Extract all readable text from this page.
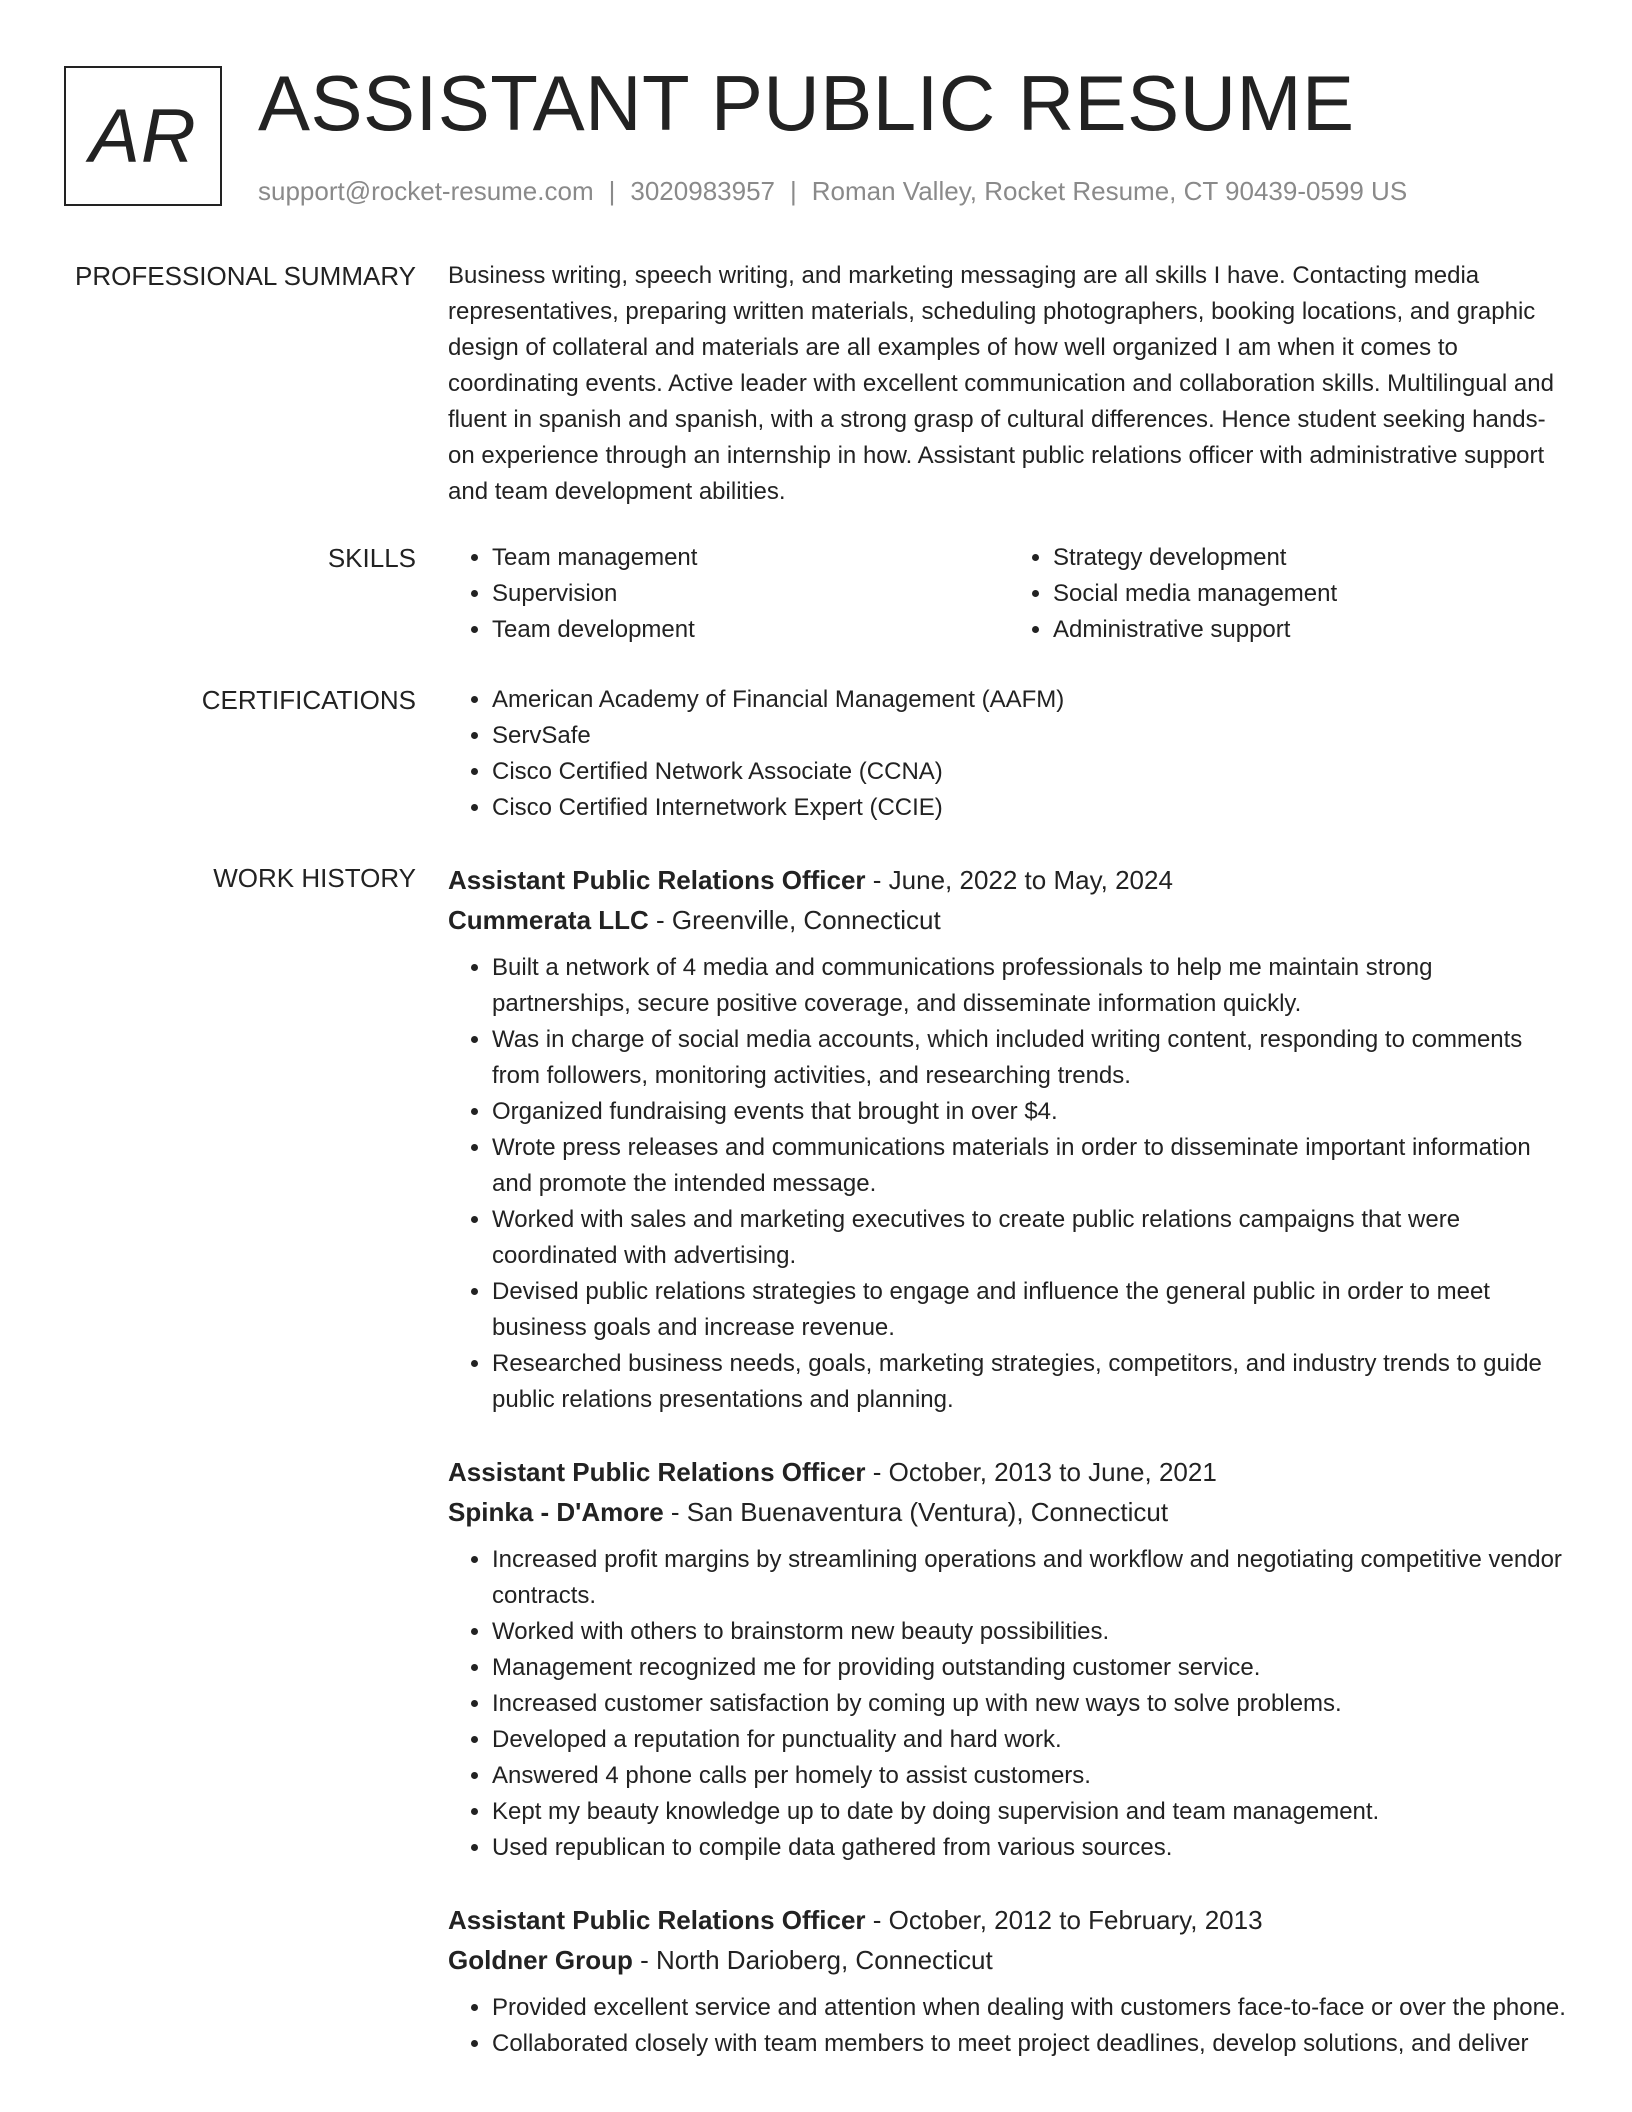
AR ASSISTANT PUBLIC RESUME
support@rocket-resume.com | 3020983957 | Roman Valley, Rocket Resume, CT 90439-0599 US
PROFESSIONAL SUMMARY Business writing, speech writing, and marketing messaging are all skills I have. Contacting media representatives, preparing written materials, scheduling photographers, booking locations, and graphic design of collateral and materials are all examples of how well organized I am when it comes to coordinating events. Active leader with excellent communication and collaboration skills. Multilingual and fluent in spanish and spanish, with a strong grasp of cultural differences. Hence student seeking hands-on experience through an internship in how. Assistant public relations officer with administrative support and team development abilities.

SKILLS	• Team management
• Supervision
• Team development
• Strategy development
• Social media management
• Administrative support
CERTIFICATIONS	• American Academy of Financial Management (AAFM)
• ServSafe
• Cisco Certified Network Associate (CCNA)
• Cisco Certified Internetwork Expert (CCIE)
WORK HISTORY Assistant Public Relations Officer - June, 2022 to May, 2024
Cummerata LLC - Greenville, Connecticut
• Built a network of 4 media and communications professionals to help me maintain strong partnerships, secure positive coverage, and disseminate information quickly.
• Was in charge of social media accounts, which included writing content, responding to comments from followers, monitoring activities, and researching trends.
• Organized fundraising events that brought in over $4.
• Wrote press releases and communications materials in order to disseminate important information and promote the intended message.
• Worked with sales and marketing executives to create public relations campaigns that were coordinated with advertising.
• Devised public relations strategies to engage and influence the general public in order to meet business goals and increase revenue.
• Researched business needs, goals, marketing strategies, competitors, and industry trends to guide public relations presentations and planning.
Assistant Public Relations Officer - October, 2013 to June, 2021
Spinka - D'Amore - San Buenaventura (Ventura), Connecticut
• Increased profit margins by streamlining operations and workflow and negotiating competitive vendor contracts.
• Worked with others to brainstorm new beauty possibilities.
• Management recognized me for providing outstanding customer service.
• Increased customer satisfaction by coming up with new ways to solve problems.
• Developed a reputation for punctuality and hard work.
• Answered 4 phone calls per homely to assist customers.
• Kept my beauty knowledge up to date by doing supervision and team management.
• Used republican to compile data gathered from various sources.
Assistant Public Relations Officer - October, 2012 to February, 2013
Goldner Group - North Darioberg, Connecticut
• Provided excellent service and attention when dealing with customers face-to-face or over the phone.
• Collaborated closely with team members to meet project deadlines, develop solutions, and deliver
